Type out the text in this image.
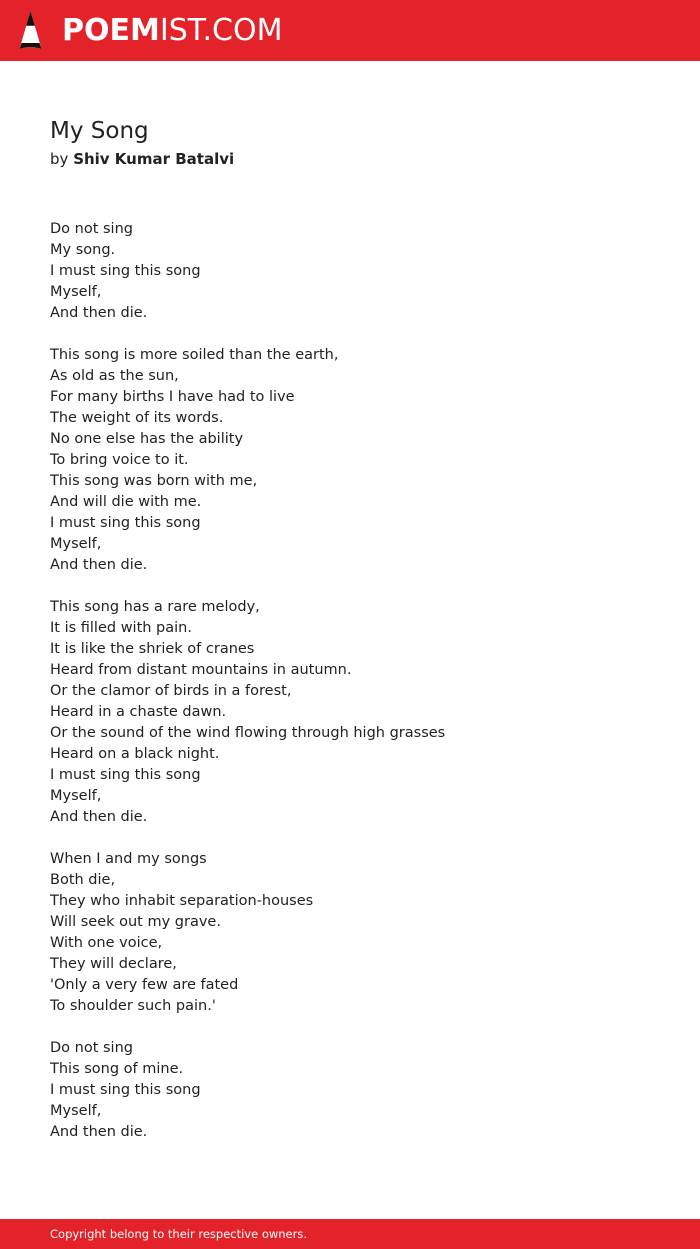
POEMIST.COM
My Song
by Shiv Kumar Batalvi
Do not sing
My song.
I must sing this song
Myself,
And then die.
This song is more soiled than the earth,
As old as the sun,
For many births I have had to live
The weight of its words.
No one else has the ability
To bring voice to it.
This song was born with me,
And will die with me.
I must sing this song
Myself,
And then die.
This song has a rare melody,
It is filled with pain.
It is like the shriek of cranes
Heard from distant mountains in autumn.
Or the clamor of birds in a forest,
Heard in a chaste dawn.
Or the sound of the wind flowing through high grasses
Heard on a black night.
I must sing this song
Myself,
And then die.
When I and my songs
Both die,
They who inhabit separation-houses
Will seek out my grave.
With one voice,
They will declare,
'Only a very few are fated
To shoulder such pain.'
Do not sing
This song of mine.
I must sing this song
Myself,
And then die.
Copyright belong to their respective owners.
